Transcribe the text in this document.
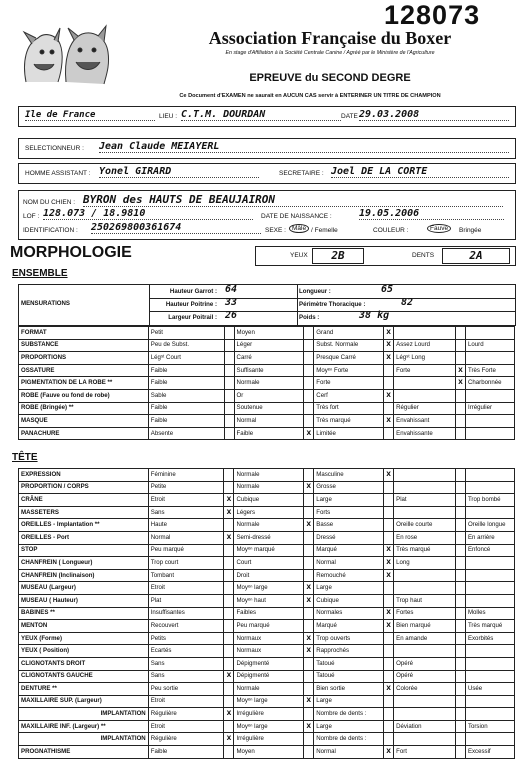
128073
Association Française du Boxer
En stage d'Affiliation à la Société Centrale Canine / Agréé par le Ministère de l'Agriculture
EPREUVE du SECOND DEGRE
Ce Document d'EXAMEN ne saurait en AUCUN CAS servir à ENTERINER UN TITRE DE CHAMPION
Ile de France	LIEU : C.T.M. DOURDAN	DATE 29.03.2008
SELECTIONNEUR : Jean Claude MEIAYERL
HOMME ASSISTANT : Yonel GIRARD	SECRETAIRE : Joel DE LA CORTE
NOM DU CHIEN : BYRON des HAUTS DE BEAUJAIRON
LOF : 128.073 / 18.9810	DATE DE NAISSANCE :	19.05.2006
IDENTIFICATION : 250269800361674	SEXE : Mâle / Femelle	COULEUR :	Fauve	Bringée
MORPHOLOGIE	YEUX	2B	DENTS	2A
ENSEMBLE
MENSURATIONS
Hauteur Garrot : 64
Hauteur Poitrine : 33
Largeur Poitrail : 26
Longueur :	65
Périmètre Thoracique :	82
Poids :	38 kg
FORMAT	Petit		Moyen		Grand	X			
SUBSTANCE	Peu de Subst.		Léger		Subst. Normale	X	Assez Lourd		Lourd
PROPORTIONS	Légˢᵗ Court		Carré		Presque Carré	X	Légˢᵗ Long		
OSSATURE	Faible		Suffisante		Moyᵉⁿ Forte		Forte	X	Très Forte
PIGMENTATION DE LA ROBE **	Faible		Normale		Forte			X	Charbonnée
ROBE (Fauve ou fond de robe)	Sable		Or		Cerf	X			
ROBE (Bringée) **	Faible		Soutenue		Très fort		Régulier		Irrégulier
MASQUE	Faible		Normal		Très marqué	X	Envahissant		
PANACHURE	Absente		Faible	X	Limitée		Envahissante		
TÊTE
EXPRESSION	Féminine		Normale		Masculine	X			
PROPORTION / CORPS	Petite		Normale	X	Grosse				
CRÂNE	Etroit	X	Cubique		Large		Plat		Trop bombé
MASSETERS	Sans	X	Légers		Forts				
OREILLES - Implantation **	Haute		Normale	X	Basse		Oreille courte		Oreille longue
OREILLES - Port	Normal	X	Semi-dressé		Dressé		En rose		En arrière
STOP	Peu marqué		Moyᵉⁿ marqué		Marqué	X	Très marqué		Enfoncé
CHANFREIN ( Longueur)	Trop court		Court		Normal	X	Long		
CHANFREIN (Inclinaison)	Tombant		Droit		Remouché	X			
MUSEAU (Largeur)	Etroit		Moyᵉⁿ large	X	Large				
MUSEAU ( Hauteur)	Plat		Moyᵉⁿ haut	X	Cubique		Trop haut		
BABINES **	Insuffisantes		Faibles		Normales	X	Fortes		Molles
MENTON	Recouvert		Peu marqué		Marqué	X	Bien marqué		Très marqué
YEUX (Forme)	Petits		Normaux	X	Trop ouverts		En amande		Exorbités
YEUX ( Position)	Ecartés		Normaux	X	Rapprochés				
CLIGNOTANTS DROIT	Sans		Dépigmenté		Tatoué		Opéré		
CLIGNOTANTS GAUCHE	Sans	X	Dépigmenté		Tatoué		Opéré		
DENTURE **	Peu sortie		Normale		Bien sortie	X	Colorée		Usée
MAXILLAIRE SUP. (Largeur)	Etroit		Moyᵉⁿ large	X	Large				
IMPLANTATION	Régulière	X	Irrégulière		Nombre de dents :				
MAXILLAIRE INF. (Largeur) **	Etroit		Moyᵉⁿ large	X	Large		Déviation		Torsion
IMPLANTATION	Régulière	X	Irrégulière		Nombre de dents :				
PROGNATHISME	Faible		Moyen		Normal	X	Fort		Excessif
